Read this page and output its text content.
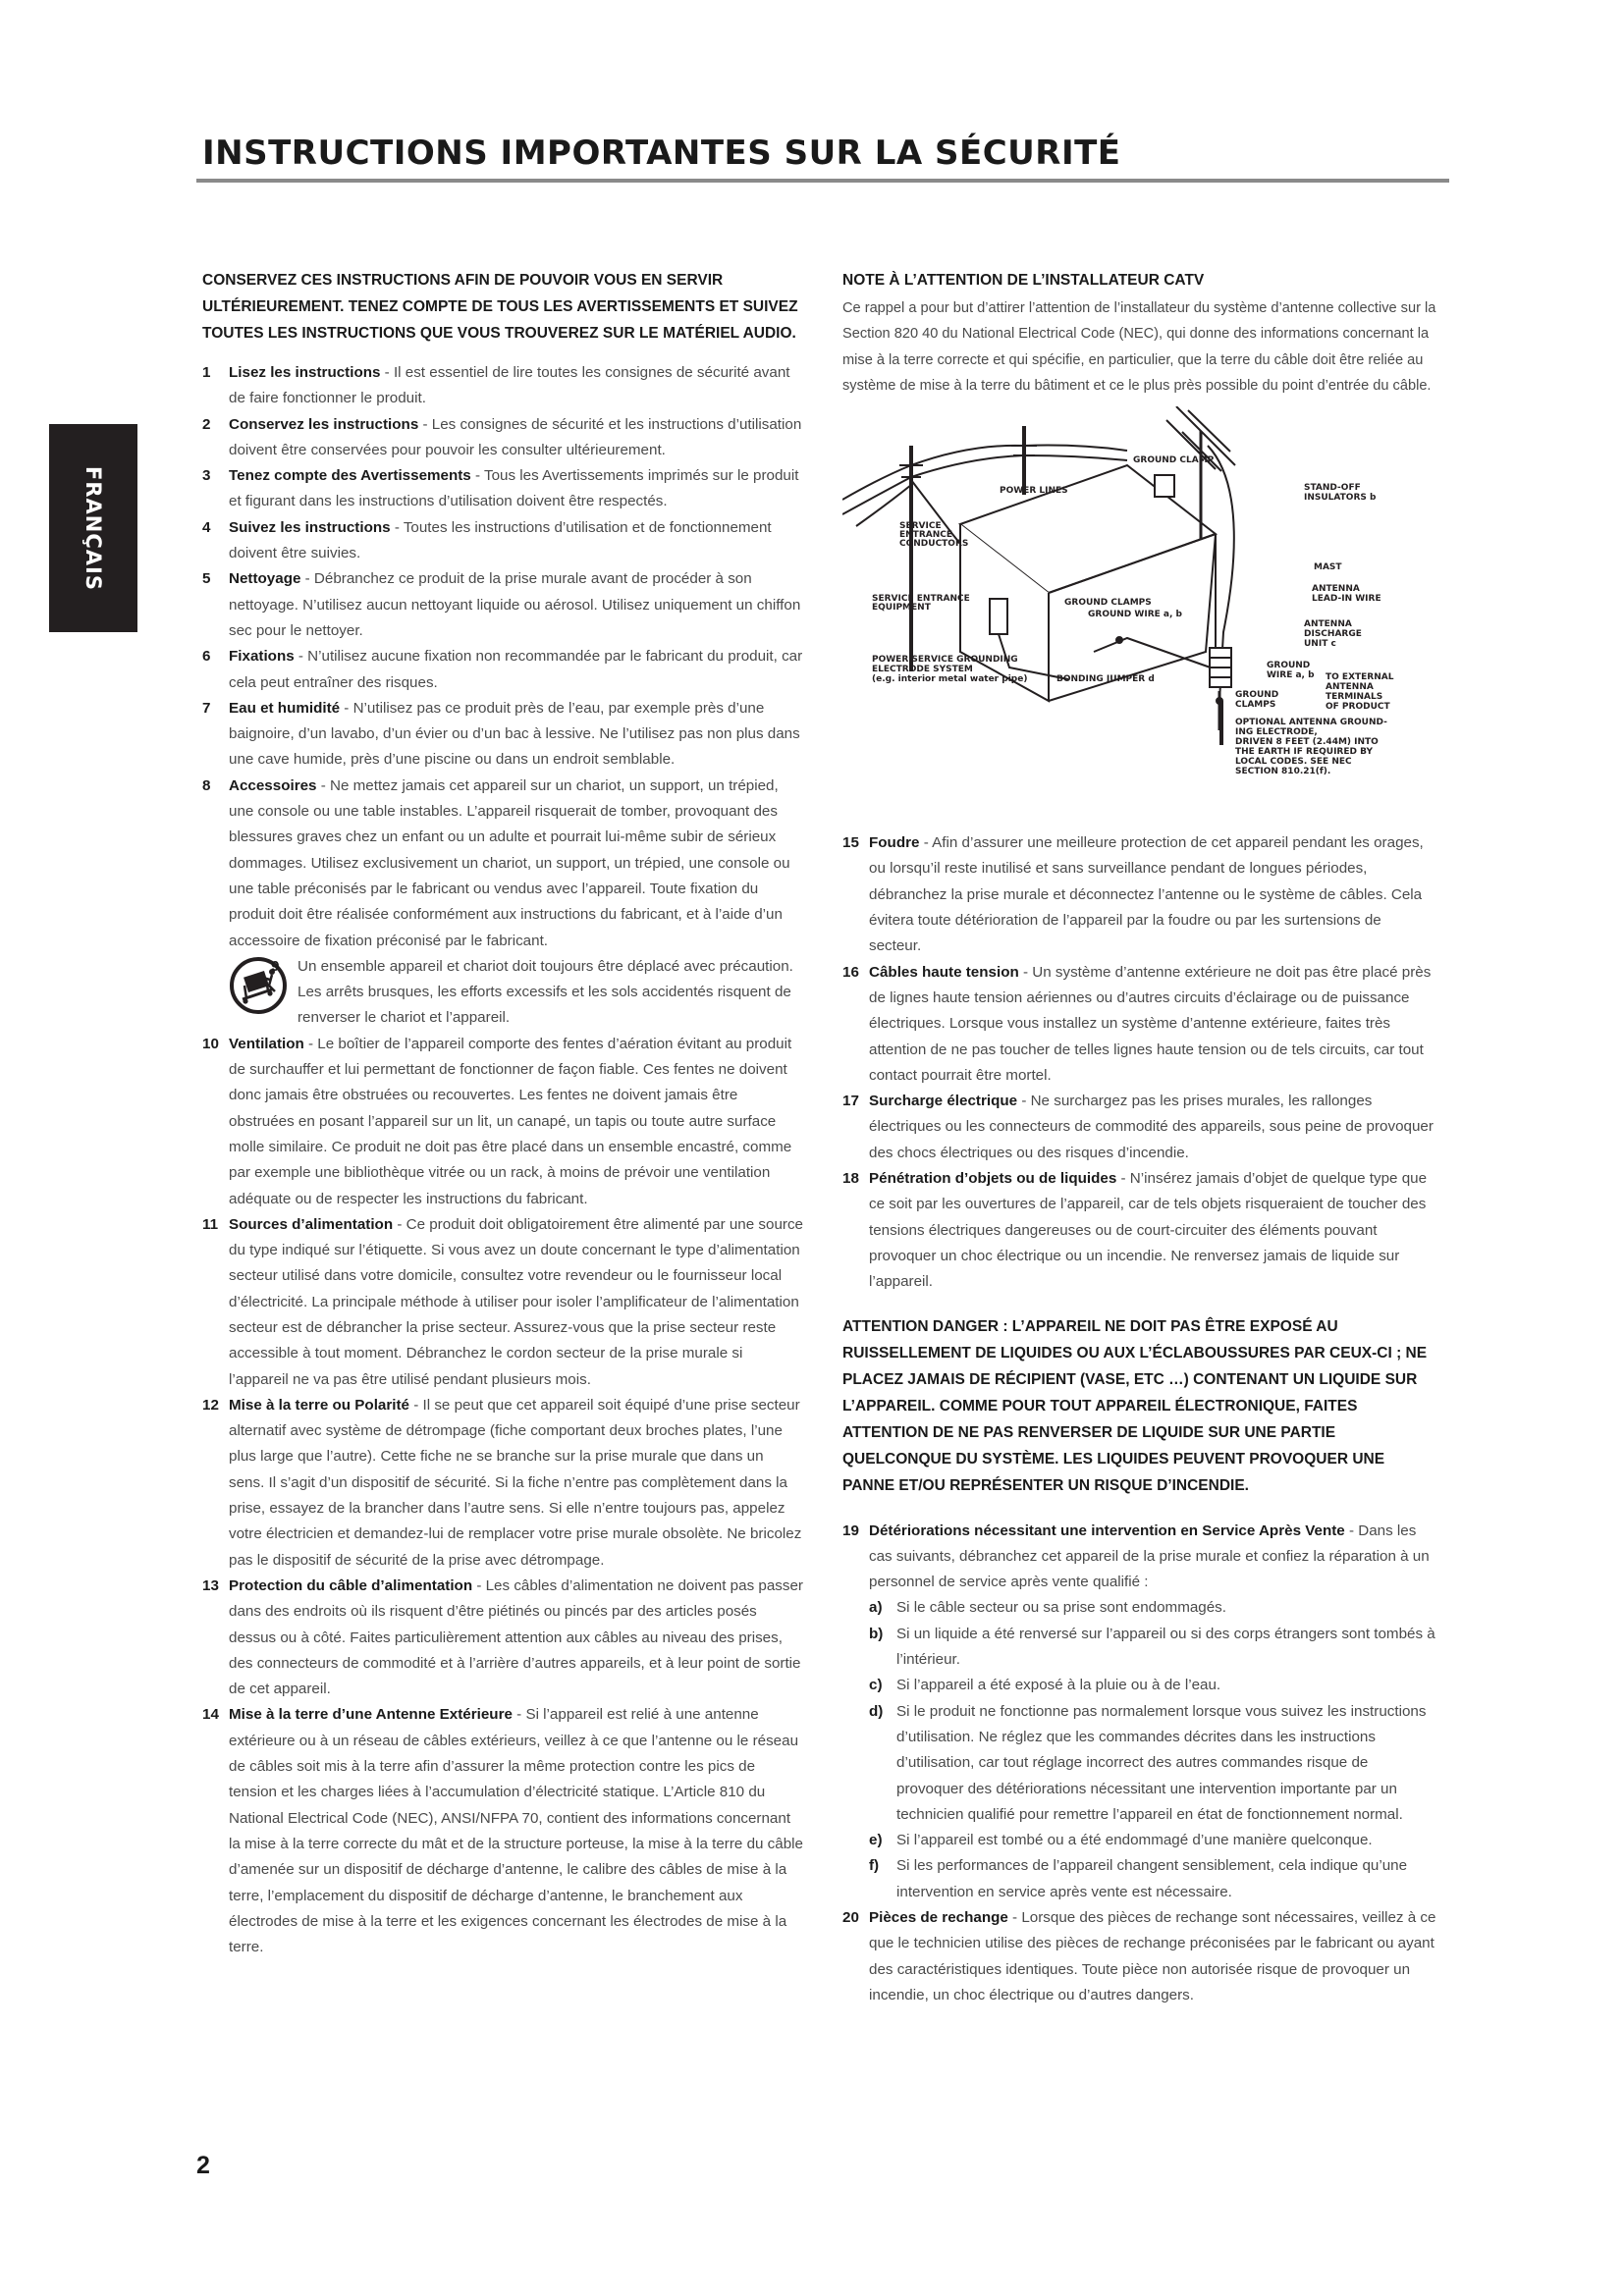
INSTRUCTIONS IMPORTANTES SUR LA SÉCURITÉ
FRANÇAIS
CONSERVEZ CES INSTRUCTIONS AFIN DE POUVOIR VOUS EN SERVIR ULTÉRIEUREMENT. TENEZ COMPTE DE TOUS LES AVERTISSEMENTS ET SUIVEZ TOUTES LES INSTRUCTIONS QUE VOUS TROUVEREZ SUR LE MATÉRIEL AUDIO.

1 Lisez les instructions - Il est essentiel de lire toutes les consignes de sécurité avant de faire fonctionner le produit.

2 Conservez les instructions - Les consignes de sécurité et les instructions d’utilisation doivent être conservées pour pouvoir les consulter ultérieurement.

3 Tenez compte des Avertissements - Tous les Avertissements imprimés sur le produit et figurant dans les instructions d’utilisation doivent être respectés.

4 Suivez les instructions - Toutes les instructions d’utilisation et de fonctionnement doivent être suivies.

5 Nettoyage - Débranchez ce produit de la prise murale avant de procéder à son nettoyage. N’utilisez aucun nettoyant liquide ou aérosol. Utilisez uniquement un chiffon sec pour le nettoyer.

6 Fixations - N’utilisez aucune fixation non recommandée par le fabricant du produit, car cela peut entraîner des risques.

7 Eau et humidité - N’utilisez pas ce produit près de l’eau, par exemple près d’une baignoire, d’un lavabo, d’un évier ou d’un bac à lessive. Ne l’utilisez pas non plus dans une cave humide, près d’une piscine ou dans un endroit semblable.

8 Accessoires - Ne mettez jamais cet appareil sur un chariot, un support, un trépied, une console ou une table instables. L’appareil risquerait de tomber, provoquant des blessures graves chez un enfant ou un adulte et pourrait lui-même subir de sérieux dommages. Utilisez exclusivement un chariot, un support, un trépied, une console ou une table préconisés par le fabricant ou vendus avec l’appareil. Toute fixation du produit doit être réalisée conformément aux instructions du fabricant, et à l’aide d’un accessoire de fixation préconisé par le fabricant.

9 Un ensemble appareil et chariot doit toujours être déplacé avec précaution. Les arrêts brusques, les efforts excessifs et les sols accidentés risquent de renverser le chariot et l’appareil.

10 Ventilation - Le boîtier de l’appareil comporte des fentes d’aération évitant au produit de surchauffer et lui permettant de fonctionner de façon fiable. Ces fentes ne doivent donc jamais être obstruées ou recouvertes. Les fentes ne doivent jamais être obstruées en posant l’appareil sur un lit, un canapé, un tapis ou toute autre surface molle similaire. Ce produit ne doit pas être placé dans un ensemble encastré, comme par exemple une bibliothèque vitrée ou un rack, à moins de prévoir une ventilation adéquate ou de respecter les instructions du fabricant.

11 Sources d’alimentation - Ce produit doit obligatoirement être alimenté par une source du type indiqué sur l’étiquette. Si vous avez un doute concernant le type d’alimentation secteur utilisé dans votre domicile, consultez votre revendeur ou le fournisseur local d’électricité. La principale méthode à utiliser pour isoler l’amplificateur de l’alimentation secteur est de débrancher la prise secteur. Assurez-vous que la prise secteur reste accessible à tout moment. Débranchez le cordon secteur de la prise murale si l’appareil ne va pas être utilisé pendant plusieurs mois.

12 Mise à la terre ou Polarité - Il se peut que cet appareil soit équipé d’une prise secteur alternatif avec système de détrompage (fiche comportant deux broches plates, l’une plus large que l’autre). Cette fiche ne se branche sur la prise murale que dans un sens. Il s’agit d’un dispositif de sécurité. Si la fiche n’entre pas complètement dans la prise, essayez de la brancher dans l’autre sens. Si elle n’entre toujours pas, appelez votre électricien et demandez-lui de remplacer votre prise murale obsolète. Ne bricolez pas le dispositif de sécurité de la prise avec détrompage.

13 Protection du câble d’alimentation - Les câbles d’alimentation ne doivent pas passer dans des endroits où ils risquent d’être piétinés ou pincés par des articles posés dessus ou à côté. Faites particulièrement attention aux câbles au niveau des prises, des connecteurs de commodité et à l’arrière d’autres appareils, et à leur point de sortie de cet appareil.

14 Mise à la terre d’une Antenne Extérieure - Si l’appareil est relié à une antenne extérieure ou à un réseau de câbles extérieurs, veillez à ce que l’antenne ou le réseau de câbles soit mis à la terre afin d’assurer la même protection contre les pics de tension et les charges liées à l’accumulation d’électricité statique. L’Article 810 du National Electrical Code (NEC), ANSI/NFPA 70, contient des informations concernant la mise à la terre correcte du mât et de la structure porteuse, la mise à la terre du câble d’amenée sur un dispositif de décharge d’antenne, le calibre des câbles de mise à la terre, l’emplacement du dispositif de décharge d’antenne, le branchement aux électrodes de mise à la terre et les exigences concernant les électrodes de mise à la terre.

NOTE À L’ATTENTION DE L’INSTALLATEUR CATV

Ce rappel a pour but d’attirer l’attention de l’installateur du système d’antenne collective sur la Section 820 40 du National Electrical Code (NEC), qui donne des informations concernant la mise à la terre correcte et qui spécifie, en particulier, que la terre du câble doit être reliée au système de mise à la terre du bâtiment et ce le plus près possible du point d’entrée du câble.

GROUND CLAMP
POWER LINES	STAND-OFF
INSULATORS b
SERVICE
ENTRANCE
CONDUCTORS
MAST
ANTENNA
LEAD-IN WIRE
SERVICE ENTRANCE
EQUIPMENT	GROUND CLAMPS
GROUND WIRE a, b
ANTENNA
DISCHARGE
UNIT c
POWER SERVICE GROUNDING
ELECTRODE SYSTEM
(e.g. interior metal water pipe)	BONDING JUMPER d
GROUND
WIRE a, b TO EXTERNAL
ANTENNA
TERMINALS
OF PRODUCT
GROUND
CLAMPS
OPTIONAL ANTENNA GROUND-
ING ELECTRODE,
DRIVEN 8 FEET (2.44M) INTO
THE EARTH IF REQUIRED BY
LOCAL CODES. SEE NEC
SECTION 810.21(f).

15 Foudre - Afin d’assurer une meilleure protection de cet appareil pendant les orages, ou lorsqu’il reste inutilisé et sans surveillance pendant de longues périodes, débranchez la prise murale et déconnectez l’antenne ou le système de câbles. Cela évitera toute détérioration de l’appareil par la foudre ou par les surtensions de secteur.

16 Câbles haute tension - Un système d’antenne extérieure ne doit pas être placé près de lignes haute tension aériennes ou d’autres circuits d’éclairage ou de puissance électriques. Lorsque vous installez un système d’antenne extérieure, faites très attention de ne pas toucher de telles lignes haute tension ou de tels circuits, car tout contact pourrait être mortel.

17 Surcharge électrique - Ne surchargez pas les prises murales, les rallonges électriques ou les connecteurs de commodité des appareils, sous peine de provoquer des chocs électriques ou des risques d’incendie.

18 Pénétration d’objets ou de liquides - N’insérez jamais d’objet de quelque type que ce soit par les ouvertures de l’appareil, car de tels objets risqueraient de toucher des tensions électriques dangereuses ou de court-circuiter des éléments pouvant provoquer un choc électrique ou un incendie. Ne renversez jamais de liquide sur l’appareil.

ATTENTION DANGER : L’APPAREIL NE DOIT PAS ÊTRE EXPOSÉ AU RUISSELLEMENT DE LIQUIDES OU AUX L’ÉCLABOUSSURES PAR CEUX-CI ; NE PLACEZ JAMAIS DE RÉCIPIENT (VASE, ETC …) CONTENANT UN LIQUIDE SUR L’APPAREIL. COMME POUR TOUT APPAREIL ÉLECTRONIQUE, FAITES ATTENTION DE NE PAS RENVERSER DE LIQUIDE SUR UNE PARTIE QUELCONQUE DU SYSTÈME. LES LIQUIDES PEUVENT PROVOQUER UNE PANNE ET/OU REPRÉSENTER UN RISQUE D’INCENDIE.

19 Détériorations nécessitant une intervention en Service Après Vente - Dans les cas suivants, débranchez cet appareil de la prise murale et confiez la réparation à un personnel de service après vente qualifié :

a) Si le câble secteur ou sa prise sont endommagés.

b) Si un liquide a été renversé sur l’appareil ou si des corps étrangers sont tombés à l’intérieur.

c) Si l’appareil a été exposé à la pluie ou à de l’eau.

d) Si le produit ne fonctionne pas normalement lorsque vous suivez les instructions d’utilisation. Ne réglez que les commandes décrites dans les instructions d’utilisation, car tout réglage incorrect des autres commandes risque de provoquer des détériorations nécessitant une intervention importante par un technicien qualifié pour remettre l’appareil en état de fonctionnement normal.

e) Si l’appareil est tombé ou a été endommagé d’une manière quelconque.

f) Si les performances de l’appareil changent sensiblement, cela indique qu’une intervention en service après vente est nécessaire.

20 Pièces de rechange - Lorsque des pièces de rechange sont nécessaires, veillez à ce que le technicien utilise des pièces de rechange préconisées par le fabricant ou ayant des caractéristiques identiques. Toute pièce non autorisée risque de provoquer un incendie, un choc électrique ou d’autres dangers.

2
